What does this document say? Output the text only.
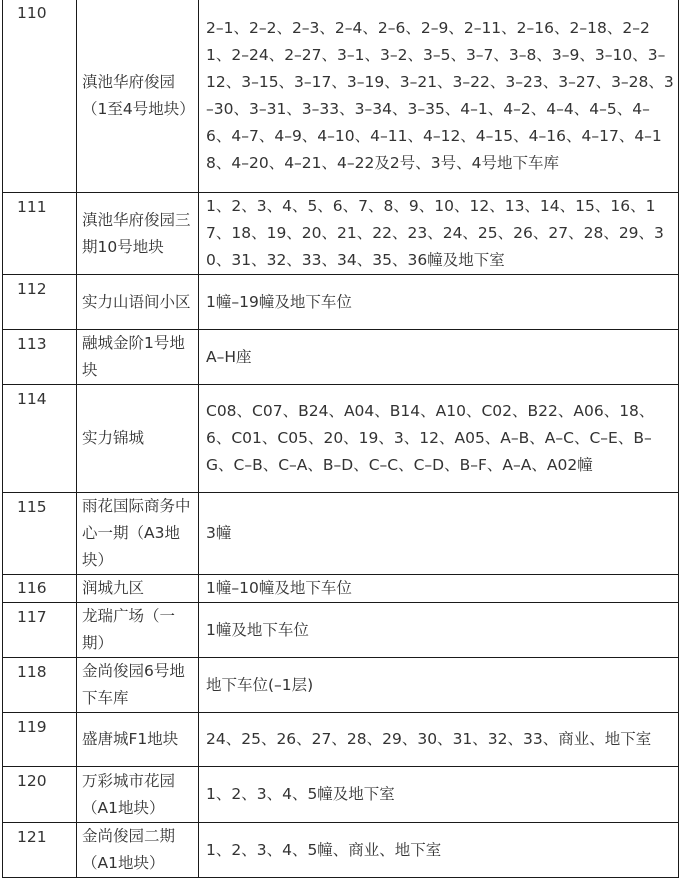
110	滇池华府俊园（1至4号地块）	2–1、2–2、2–3、2–4、2–6、2–9、2–11、2–16、2–18、2–21、2–24、2–27、3–1、3–2、3–5、3–7、3–8、3–9、3–10、3–12、3–15、3–17、3–19、3–21、3–22、3–23、3–27、3–28、3–30、3–31、3–33、3–34、3–35、4–1、4–2、4–4、4–5、4–6、4–7、4–9、4–10、4–11、4–12、4–15、4–16、4–17、4–18、4–20、4–21、4–22及2号、3号、4号地下车库

111	滇池华府俊园三期10号地块	1、2、3、4、5、6、7、8、9、10、12、13、14、15、16、17、18、19、20、21、22、23、24、25、26、27、28、29、30、31、32、33、34、35、36幢及地下室

112	实力山语间小区	1幢–19幢及地下车位

113	融城金阶1号地块	A–H座

114	实力锦城	C08、C07、B24、A04、B14、A10、C02、B22、A06、18、6、C01、C05、20、19、3、12、A05、A–B、A–C、C–E、B–G、C–B、C–A、B–D、C–C、C–D、B–F、A–A、A02幢

115	雨花国际商务中心一期（A3地块）	3幢

116	润城九区	1幢–10幢及地下车位

117	龙瑞广场（一期）	1幢及地下车位

118	金尚俊园6号地下车库	地下车位(–1层)

119	盛唐城F1地块	24、25、26、27、28、29、30、31、32、33、商业、地下室

120	万彩城市花园（A1地块）	1、2、3、4、5幢及地下室

121	金尚俊园二期（A1地块）	1、2、3、4、5幢、商业、地下室
